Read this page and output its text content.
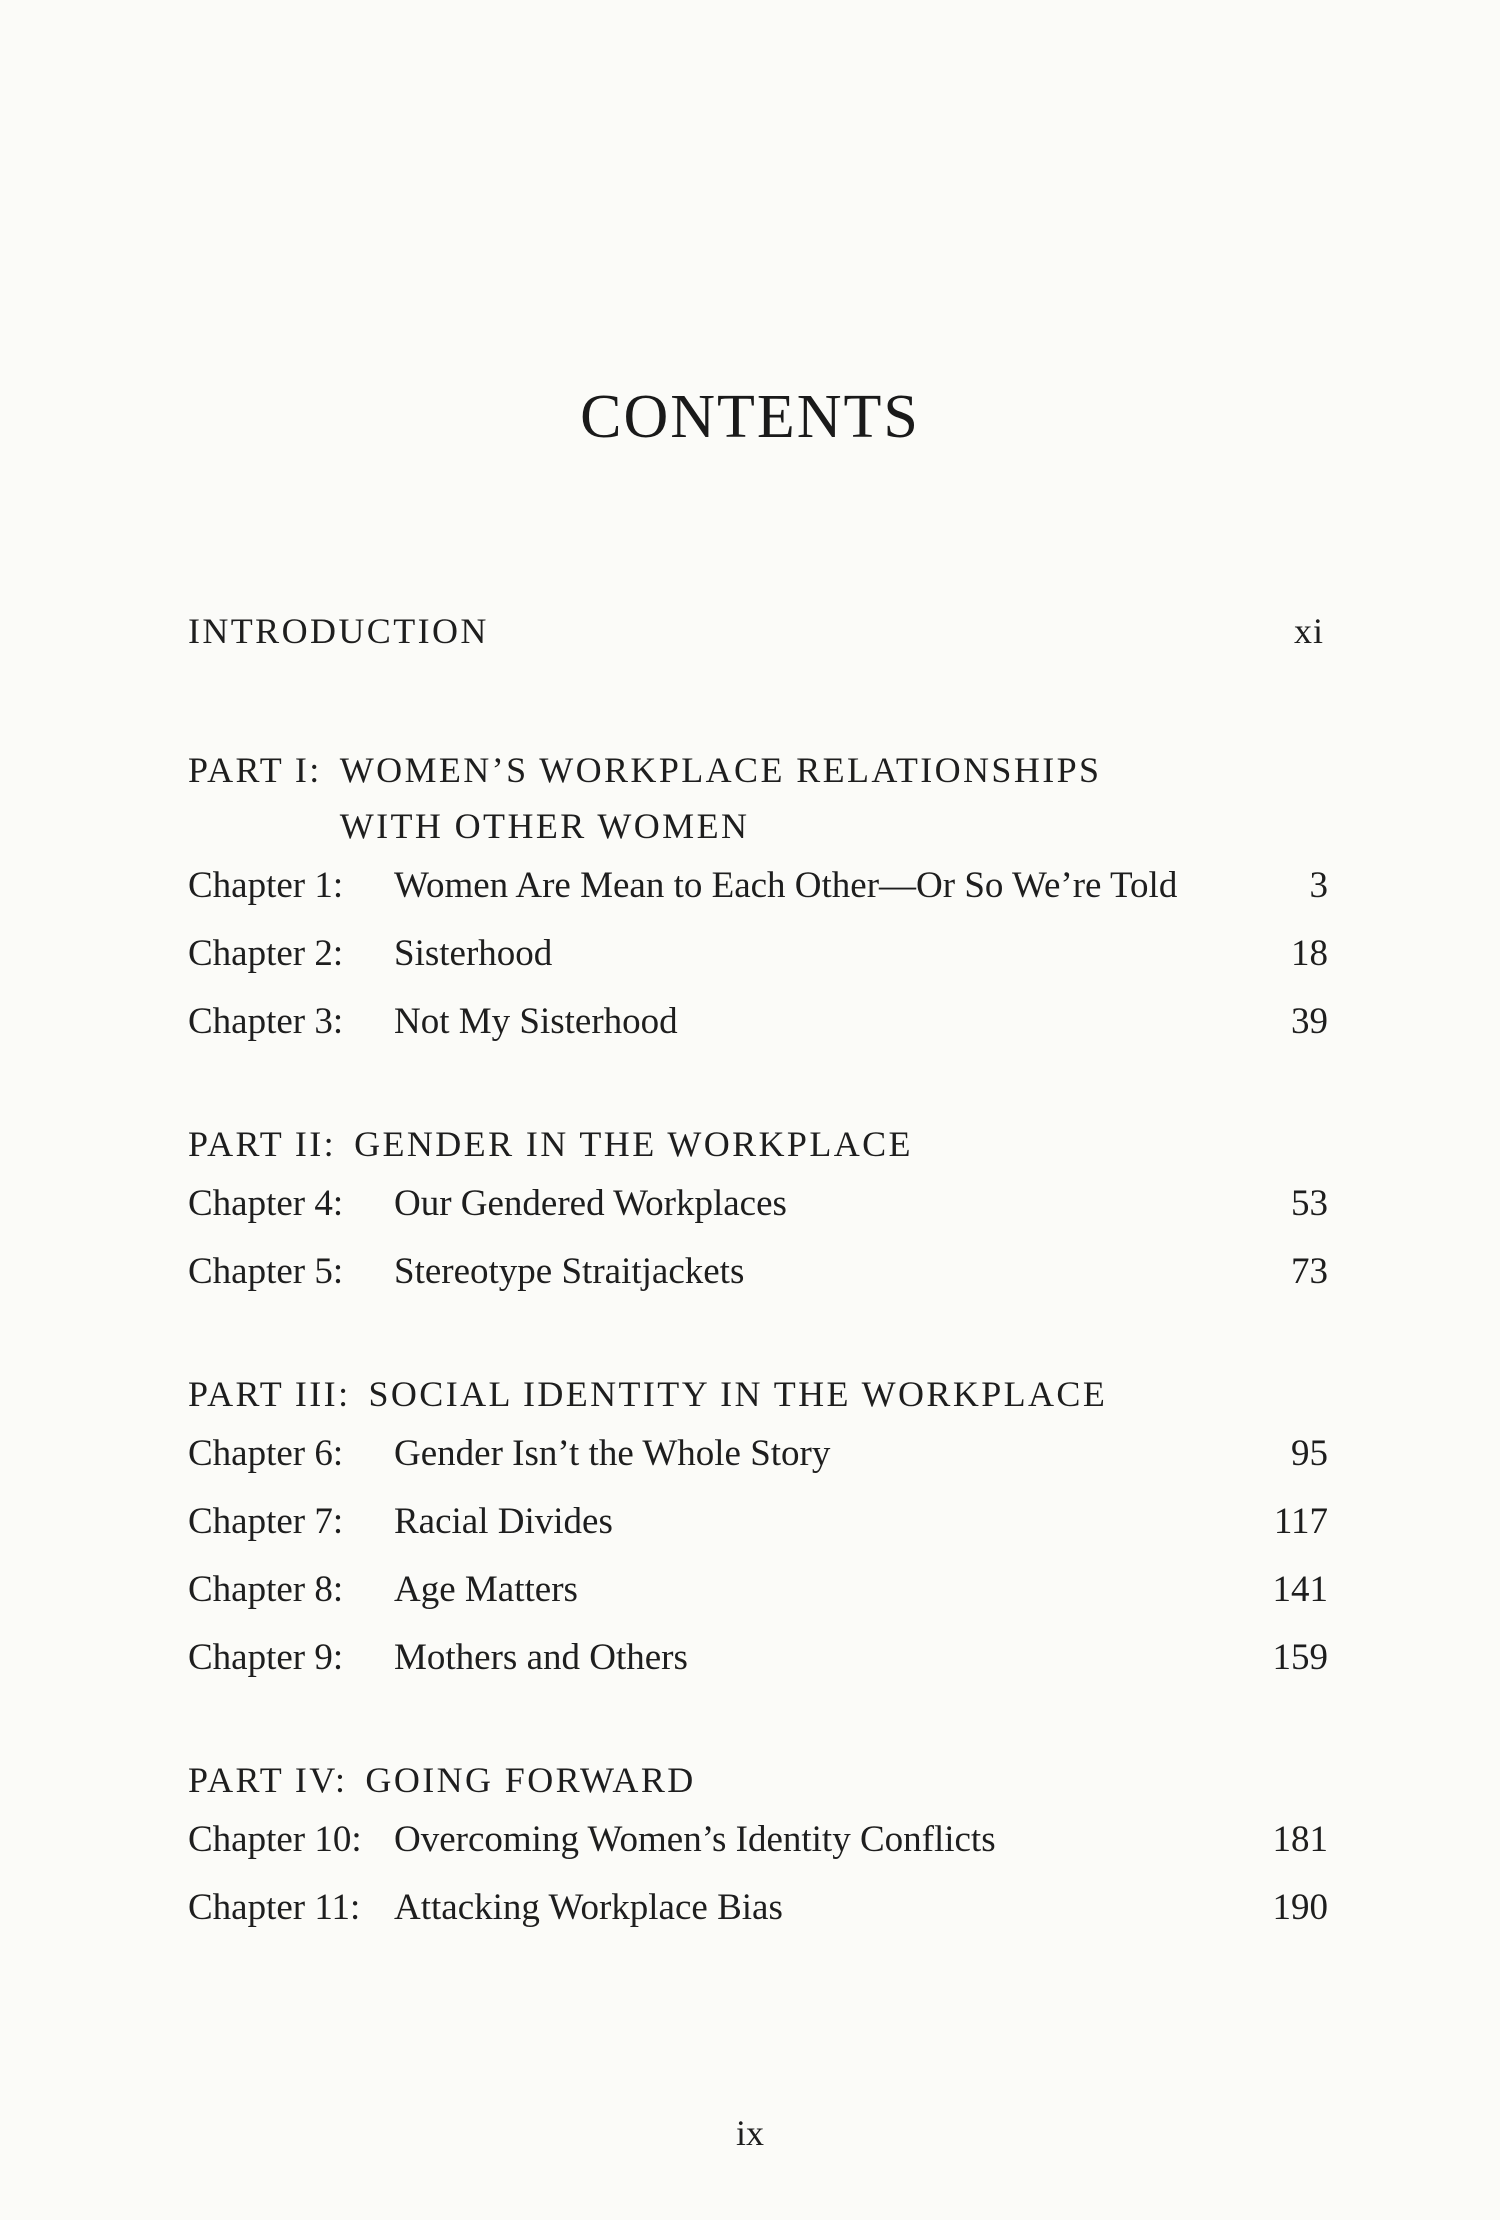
CONTENTS
INTRODUCTION	xi
PART I: WOMEN’S WORKPLACE RELATIONSHIPS
WITH OTHER WOMEN
Chapter 1:	Women Are Mean to Each Other—Or So We’re Told	3
Chapter 2:	Sisterhood	18
Chapter 3:	Not My Sisterhood	39
PART II: GENDER IN THE WORKPLACE
Chapter 4:	Our Gendered Workplaces	53
Chapter 5:	Stereotype Straitjackets	73
PART III: SOCIAL IDENTITY IN THE WORKPLACE
Chapter 6:	Gender Isn’t the Whole Story	95
Chapter 7:	Racial Divides	117
Chapter 8:	Age Matters	141
Chapter 9:	Mothers and Others	159
PART IV: GOING FORWARD
Chapter 10: Overcoming Women’s Identity Conflicts	181
Chapter 11: Attacking Workplace Bias	190
ix
